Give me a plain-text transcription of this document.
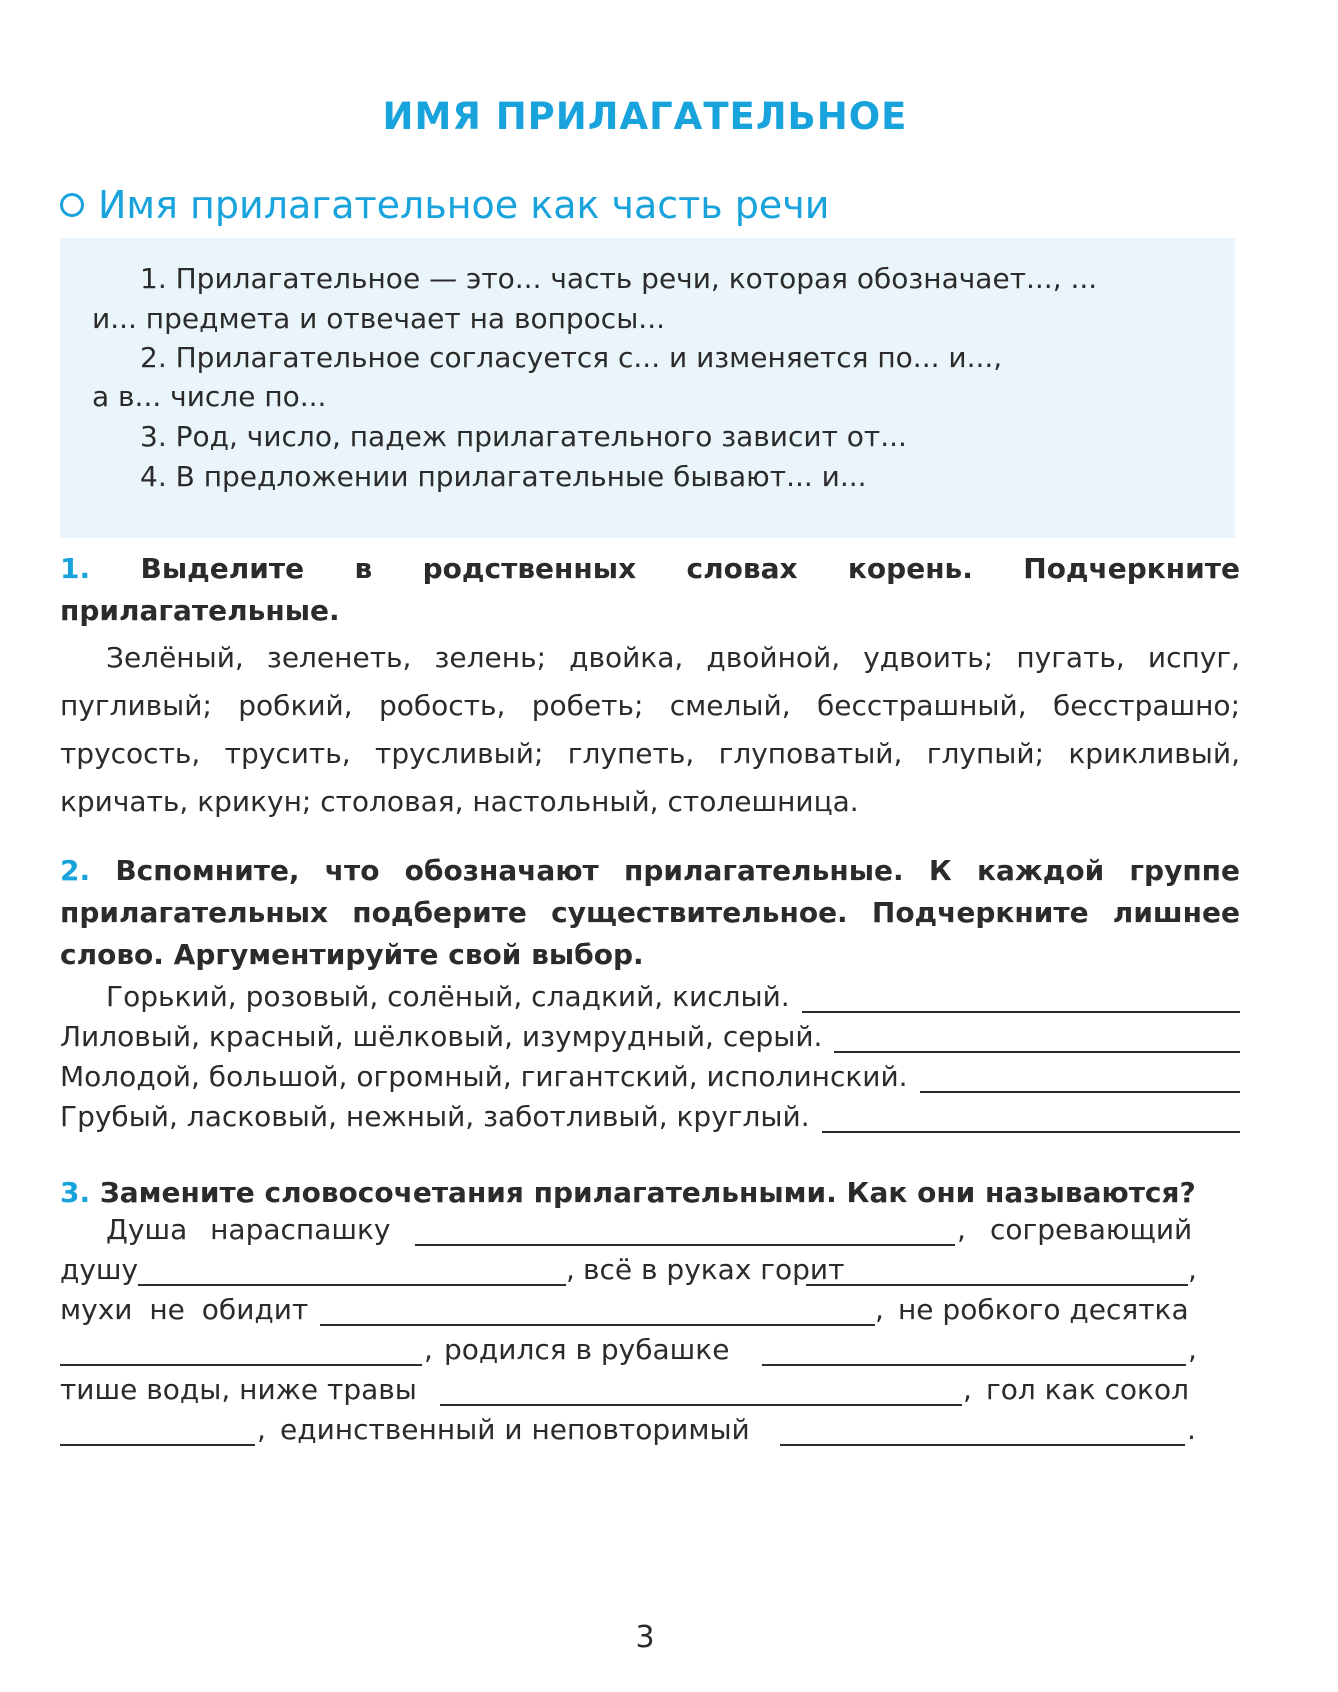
ИМЯ ПРИЛАГАТЕЛЬНОЕ
Имя прилагательное как часть речи
1. Прилагательное — это... часть речи, которая обозначает..., ...
и... предмета и отвечает на вопросы...
2. Прилагательное согласуется с... и изменяется по... и...,
а в... числе по...
3. Род, число, падеж прилагательного зависит от...
4. В предложении прилагательные бывают... и...
1. Выделите в родственных словах корень. Подчеркните прилагательные.
Зелёный, зеленеть, зелень; двойка, двойной, удвоить; пугать, испуг, пугливый; робкий, робость, робеть; смелый, бесстрашный, бесстрашно; трусость, трусить, трусливый; глупеть, глуповатый, глупый; крикливый, кричать, крикун; столовая, настольный, столешница.
2. Вспомните, что обозначают прилагательные. К каждой группе прилагательных подберите существительное. Подчеркните лишнее слово. Аргументируйте свой выбор.
Горький, розовый, солёный, сладкий, кислый.
Лиловый, красный, шёлковый, изумрудный, серый.
Молодой, большой, огромный, гигантский, исполинский.
Грубый, ласковый, нежный, заботливый, круглый.
3. Замените словосочетания прилагательными. Как они называются?
Душа нараспашку	, согревающий
душу	, всё в руках горит	,
мухи не обидит	, не робкого десятка
, родился в рубашке	,
тише воды, ниже травы	, гол как сокол
, единственный и неповторимый	.
3
